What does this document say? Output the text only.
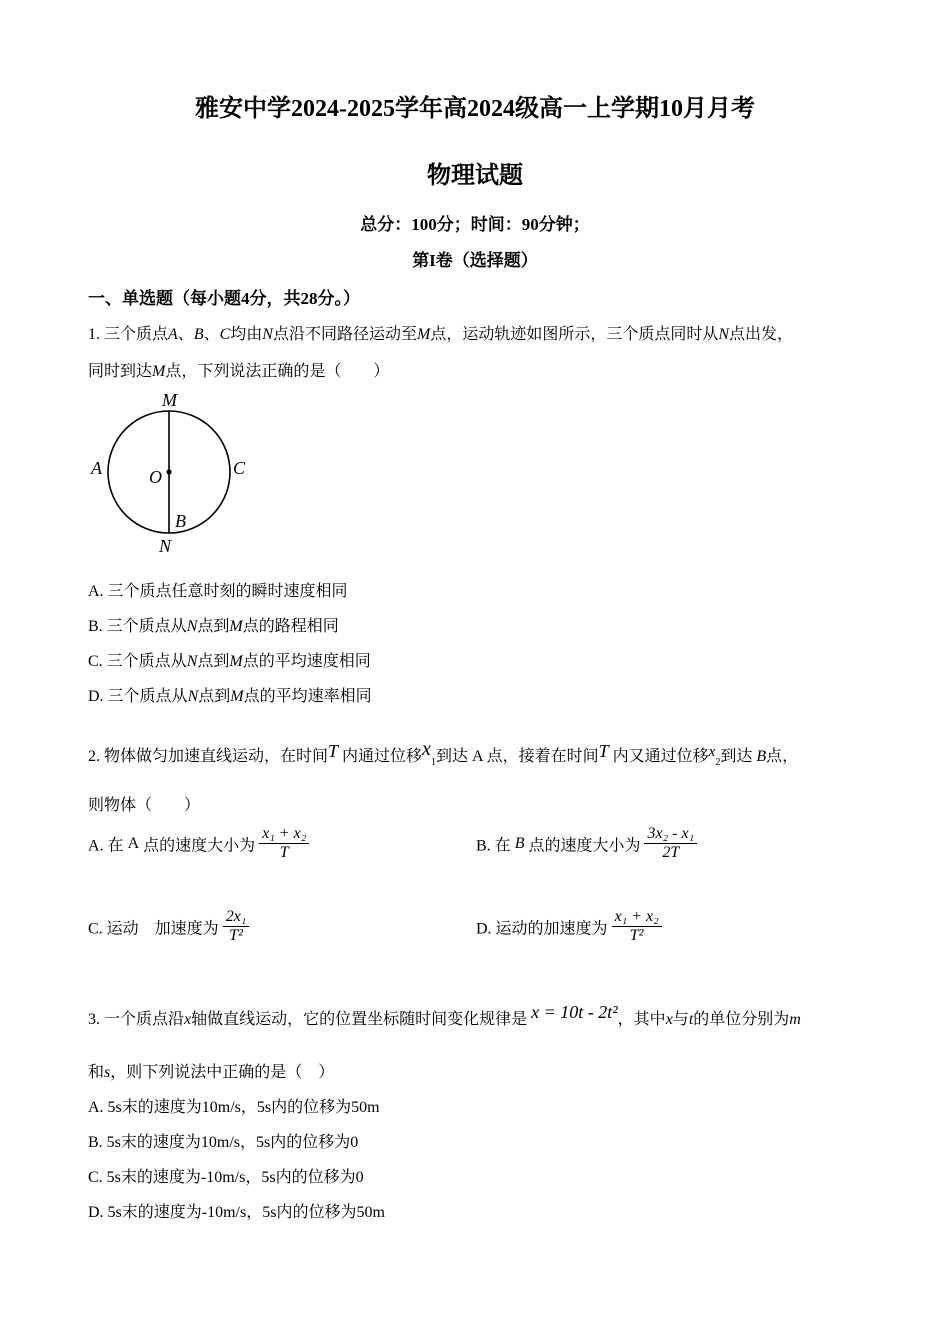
雅安中学2024-2025学年高2024级高一上学期10月月考
物理试题
总分：100分；时间：90分钟；
第I卷（选择题）
一、单选题（每小题4分，共28分。）
1. 三个质点A、B、C均由N点沿不同路径运动至M点，运动轨迹如图所示，三个质点同时从N点出发，
同时到达M点，下列说法正确的是（　　）
M
N
A	C
B
O
A. 三个质点任意时刻的瞬时速度相同
B. 三个质点从N点到M点的路程相同
C. 三个质点从N点到M点的平均速度相同
D. 三个质点从N点到M点的平均速率相同
2. 物体做匀加速直线运动，在时间T 内通过位移$x_1$到达 A 点，接着在时间T 内又通过位移$x_2$到达 B点，
则物体（　　）
A. 在 A 点的速度大小为 $\frac{\text{x₁ + x₂}}{T}$	B. 在 B 点的速度大小为 $\frac{\text{3x₂ - x₁}}{2T}$
C. 运动　加速度为 $\frac{\text{2x₁}}{\text{T²}}$	D. 运动的加速度为 $\frac{\text{x₁ + x₂}}{\text{T²}}$
3. 一个质点沿x轴做直线运动，它的位置坐标随时间变化规律是 x = 10t - 2t²，其中x与t的单位分别为m
和s，则下列说法中正确的是（　）
A. 5s末的速度为10m/s，5s内的位移为50m
B. 5s末的速度为10m/s，5s内的位移为0
C. 5s末的速度为-10m/s，5s内的位移为0
D. 5s末的速度为-10m/s，5s内的位移为50m
